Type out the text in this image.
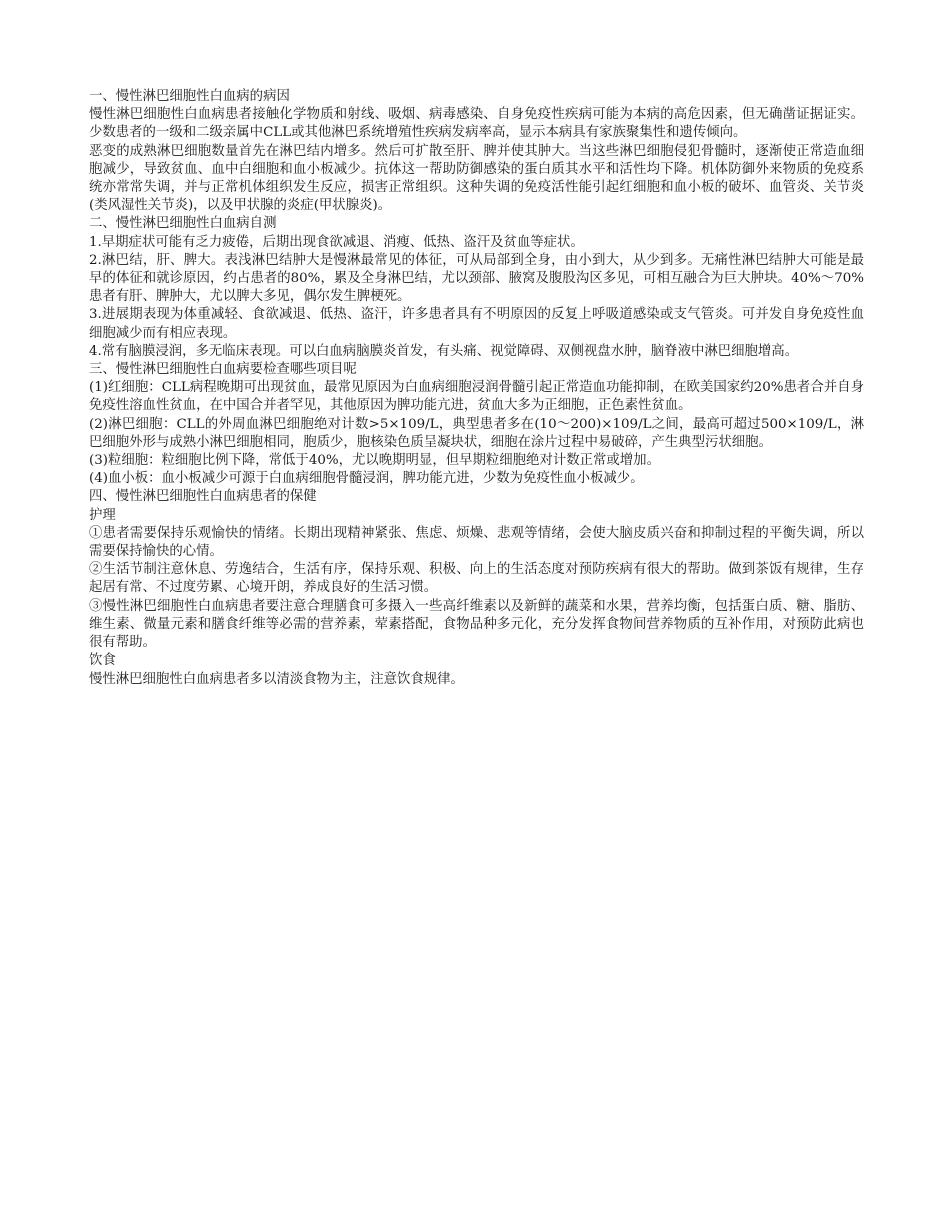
一、慢性淋巴细胞性白血病的病因

慢性淋巴细胞性白血病患者接触化学物质和射线、吸烟、病毒感染、自身免疫性疾病可能为本病的高危因素，但无确凿证据证实。少数患者的一级和二级亲属中CLL或其他淋巴系统增殖性疾病发病率高，显示本病具有家族聚集性和遗传倾向。

恶变的成熟淋巴细胞数量首先在淋巴结内增多。然后可扩散至肝、脾并使其肿大。当这些淋巴细胞侵犯骨髓时，逐渐使正常造血细胞减少，导致贫血、血中白细胞和血小板减少。抗体这一帮助防御感染的蛋白质其水平和活性均下降。机体防御外来物质的免疫系统亦常常失调，并与正常机体组织发生反应，损害正常组织。这种失调的免疫活性能引起红细胞和血小板的破坏、血管炎、关节炎(类风湿性关节炎)，以及甲状腺的炎症(甲状腺炎)。

二、慢性淋巴细胞性白血病自测

1.早期症状可能有乏力疲倦，后期出现食欲减退、消瘦、低热、盗汗及贫血等症状。

2.淋巴结，肝、脾大。表浅淋巴结肿大是慢淋最常见的体征，可从局部到全身，由小到大，从少到多。无痛性淋巴结肿大可能是最早的体征和就诊原因，约占患者的80%，累及全身淋巴结，尤以颈部、腋窝及腹股沟区多见，可相互融合为巨大肿块。40%～70%患者有肝、脾肿大，尤以脾大多见，偶尔发生脾梗死。

3.进展期表现为体重减轻、食欲减退、低热、盗汗，许多患者具有不明原因的反复上呼吸道感染或支气管炎。可并发自身免疫性血细胞减少而有相应表现。

4.常有脑膜浸润，多无临床表现。可以白血病脑膜炎首发，有头痛、视觉障碍、双侧视盘水肿，脑脊液中淋巴细胞增高。

三、慢性淋巴细胞性白血病要检查哪些项目呢

(1)红细胞：CLL病程晚期可出现贫血，最常见原因为白血病细胞浸润骨髓引起正常造血功能抑制，在欧美国家约20%患者合并自身免疫性溶血性贫血，在中国合并者罕见，其他原因为脾功能亢进，贫血大多为正细胞，正色素性贫血。

(2)淋巴细胞：CLL的外周血淋巴细胞绝对计数>5×109/L，典型患者多在(10～200)×109/L之间，最高可超过500×109/L，淋巴细胞外形与成熟小淋巴细胞相同，胞质少，胞核染色质呈凝块状，细胞在涂片过程中易破碎，产生典型污状细胞。

(3)粒细胞：粒细胞比例下降，常低于40%，尤以晚期明显，但早期粒细胞绝对计数正常或增加。

(4)血小板：血小板减少可源于白血病细胞骨髓浸润，脾功能亢进，少数为免疫性血小板减少。

四、慢性淋巴细胞性白血病患者的保健

护理

①患者需要保持乐观愉快的情绪。长期出现精神紧张、焦虑、烦燥、悲观等情绪，会使大脑皮质兴奋和抑制过程的平衡失调，所以需要保持愉快的心情。

②生活节制注意休息、劳逸结合，生活有序，保持乐观、积极、向上的生活态度对预防疾病有很大的帮助。做到茶饭有规律，生存起居有常、不过度劳累、心境开朗，养成良好的生活习惯。

③慢性淋巴细胞性白血病患者要注意合理膳食可多摄入一些高纤维素以及新鲜的蔬菜和水果，营养均衡，包括蛋白质、糖、脂肪、维生素、微量元素和膳食纤维等必需的营养素，荤素搭配，食物品种多元化，充分发挥食物间营养物质的互补作用，对预防此病也很有帮助。

饮食

慢性淋巴细胞性白血病患者多以清淡食物为主，注意饮食规律。
